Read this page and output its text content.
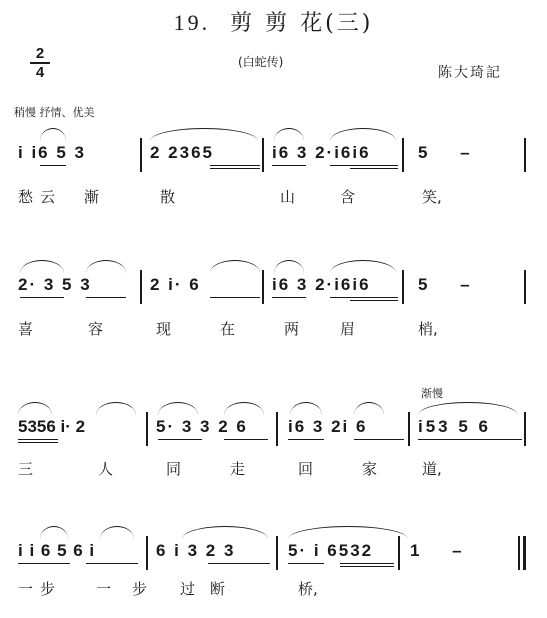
19. 剪 剪 花(三)
2
4
(白蛇传)
陈大琦記
稍慢 抒情、优美
渐慢
i i6 5 3	2 2365	i6 3 2·i6i6	5 –
愁 云 漸	散	山	含	笑,
2· 3 5 3	2 i· 6	i6 3 2·i6i6	5 –
喜	容	现	在	两	眉	梢,
5356 i· 2	5· 3 3 2 6 i6 3 2i 6	i53 5 6
三	人	同	走	回	家	道,
i i 6 5 6 i	6 i 3 2 3	5· i 6532 1 –
一 步	一 步 过 断	桥,
